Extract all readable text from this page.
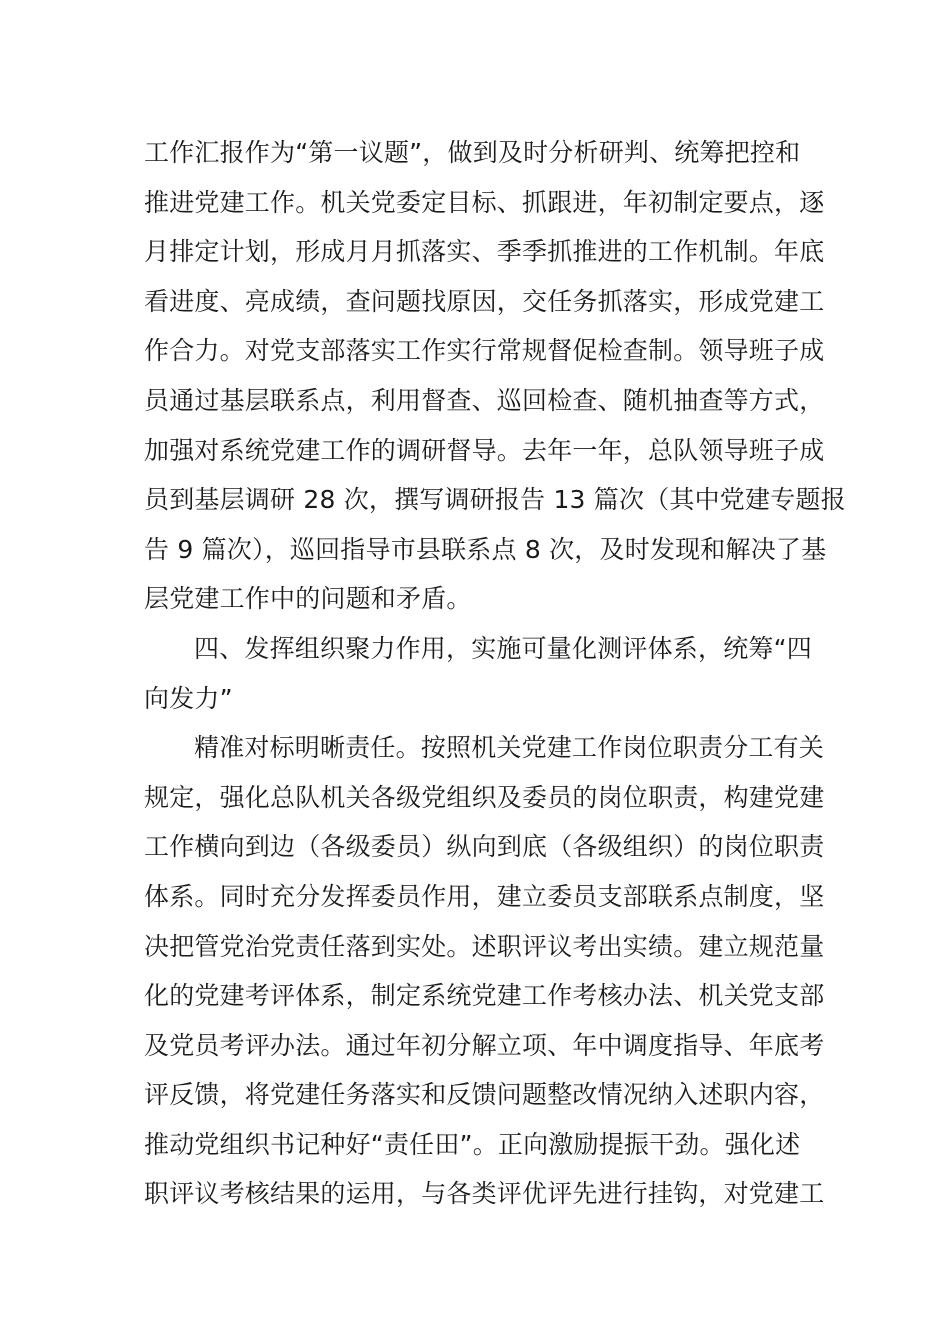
工作汇报作为“第一议题”，做到及时分析研判、统筹把控和
推进党建工作。机关党委定目标、抓跟进，年初制定要点，逐
月排定计划，形成月月抓落实、季季抓推进的工作机制。年底
看进度、亮成绩，查问题找原因，交任务抓落实，形成党建工
作合力。对党支部落实工作实行常规督促检查制。领导班子成
员通过基层联系点，利用督查、巡回检查、随机抽查等方式，
加强对系统党建工作的调研督导。去年一年，总队领导班子成
员到基层调研 28 次，撰写调研报告 13 篇次（其中党建专题报
告 9 篇次），巡回指导市县联系点 8 次，及时发现和解决了基
层党建工作中的问题和矛盾。
四、发挥组织聚力作用，实施可量化测评体系，统筹“四
向发力”
精准对标明晰责任。按照机关党建工作岗位职责分工有关
规定，强化总队机关各级党组织及委员的岗位职责，构建党建
工作横向到边（各级委员）纵向到底（各级组织）的岗位职责
体系。同时充分发挥委员作用，建立委员支部联系点制度，坚
决把管党治党责任落到实处。述职评议考出实绩。建立规范量
化的党建考评体系，制定系统党建工作考核办法、机关党支部
及党员考评办法。通过年初分解立项、年中调度指导、年底考
评反馈，将党建任务落实和反馈问题整改情况纳入述职内容，
推动党组织书记种好“责任田”。正向激励提振干劲。强化述
职评议考核结果的运用，与各类评优评先进行挂钩，对党建工
